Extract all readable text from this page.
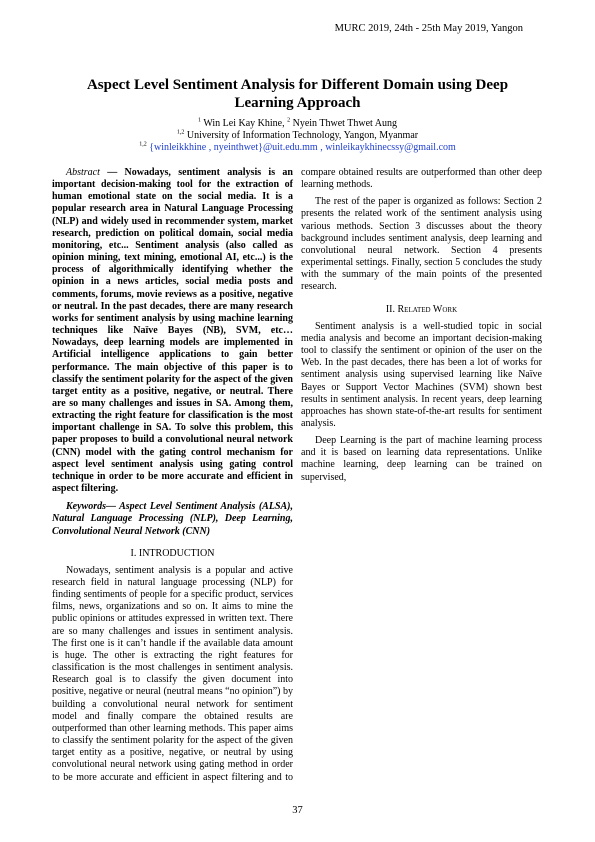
MURC 2019, 24th - 25th May 2019, Yangon
Aspect Level Sentiment Analysis for Different Domain using Deep Learning Approach
$^1$ Win Lei Kay Khine, $^2$ Nyein Thwet Thwet Aung
$^{1,2}$ University of Information Technology, Yangon, Myanmar
$^{1,2}$ {winleikkhine , nyeinthwet}@uit.edu.mm , winleikaykhinecssy@gmail.com

Abstract — Nowadays, sentiment analysis is an important decision-making tool for the extraction of human emotional state on the social media. It is a popular research area in Natural Language Processing (NLP) and widely used in recommender system, market research, prediction on political domain, social media monitoring, etc... Sentiment analysis (also called as opinion mining, text mining, emotional AI, etc...) is the process of algorithmically identifying whether the opinion in a news articles, social media posts and comments, forums, movie reviews as a positive, negative or neutral. In the past decades, there are many research works for sentiment analysis by using machine learning techniques like Naïve Bayes (NB), SVM, etc… Nowadays, deep learning models are implemented in Artificial intelligence applications to gain better performance. The main objective of this paper is to classify the sentiment polarity for the aspect of the given target entity as a positive, negative, or neutral. There are so many challenges and issues in SA. Among them, extracting the right feature for classification is the most important challenge in SA. To solve this problem, this paper proposes to build a convolutional neural network (CNN) model with the gating control mechanism for aspect level sentiment analysis using gating control technique in order to be more accurate and efficient in aspect filtering.

Keywords— Aspect Level Sentiment Analysis (ALSA), Natural Language Processing (NLP), Deep Learning, Convolutional Neural Network (CNN)

I. INTRODUCTION

Nowadays, sentiment analysis is a popular and active research field in natural language processing (NLP) for finding sentiments of people for a specific product, services films, news, organizations and so on. It aims to mine the public opinions or attitudes expressed in written text. There are so many challenges and issues in sentiment analysis. The first one is it can’t handle if the available data amount is huge. The other is extracting the right features for classification is the most challenges in sentiment analysis. Research goal is to classify the given document into positive, negative or neural (neutral means “no opinion”) by building a convolutional neural network for sentiment model and finally compare the obtained results are outperformed than other learning methods. This paper aims to classify the sentiment polarity for the aspect of the given target entity as a positive, negative, or neutral by using convolutional neural network using gating method in order to be more accurate and efficient in aspect filtering and to

compare obtained results are outperformed than other deep learning methods.

The rest of the paper is organized as follows: Section 2 presents the related work of the sentiment analysis using various methods. Section 3 discusses about the theory background includes sentiment analysis, deep learning and convolutional neural network. Section 4 presents experimental settings. Finally, section 5 concludes the study with the summary of the main points of the presented research.

II. Related Work

Sentiment analysis is a well-studied topic in social media analysis and become an important decision-making tool to classify the sentiment or opinion of the user on the Web. In the past decades, there has been a lot of works for sentiment analysis using supervised learning like Naïve Bayes or Support Vector Machines (SVM) shown best results in sentiment analysis. In recent years, deep learning approaches has shown state-of-the-art results for sentiment analysis.

Deep Learning is the part of machine learning process and it is based on learning data representations. Unlike machine learning, deep learning can be trained on supervised,

37
